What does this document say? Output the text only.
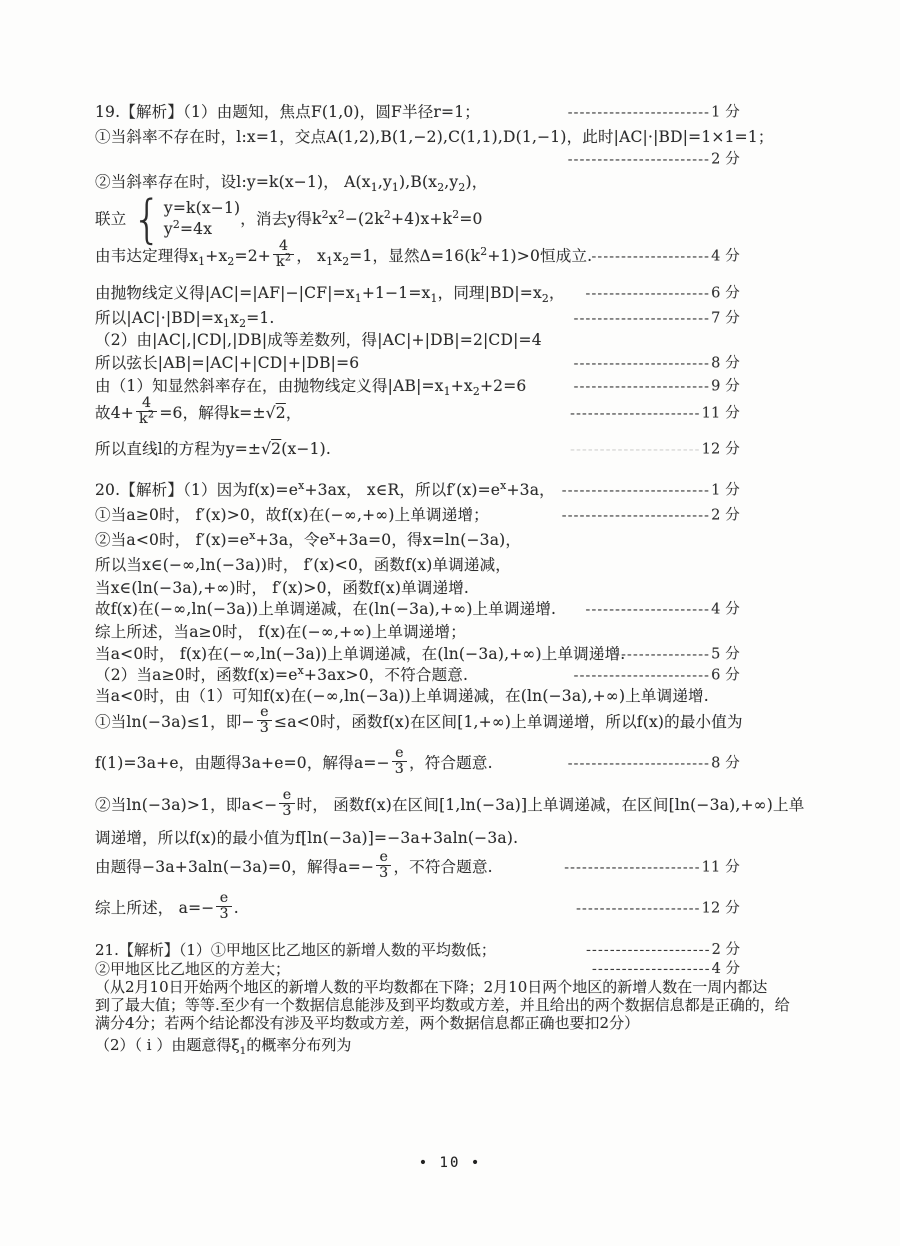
19.【解析】（1）由题知，焦点F(1,0)，圆F半径r=1；	------------------------1 分
①当斜率不存在时，l:x=1，交点A(1,2),B(1,−2),C(1,1),D(1,−1)，此时|AC|·|BD|=1×1=1；
------------------------2 分
②当斜率存在时，设l:y=k(x−1)， $A(x_1,y_1),B(x_2,y_2)$，
联立 { y=k(x−1)
$y^2=4x$
，消去y得$k^2x^2-(2k^2+4)x+k^2=0$
由韦达定理得$x_1+x_2=2+ \frac{4}{k^2}$ ， $x_1x_2=1$，显然$\Delta=16(k^2+1)>0$恒成立. --------------------4 分
由抛物线定义得$|AC|=|AF|-|CF|=x_1+1-1=x_1$，同理$|BD|=x_2$， ---------------------6 分
所以$|AC|\cdot|BD|=x_1x_2=1$.	-----------------------7 分
（2）由|AC|,|CD|,|DB|成等差数列，得|AC|+|DB|=2|CD|=4
所以弦长|AB|=|AC|+|CD|+|DB|=6	-----------------------8 分
由（1）知显然斜率存在，由抛物线定义得$|AB|=x_1+x_2+2=6$	-----------------------9 分
故$4+ \frac{4}{k^2} =6$，解得k=±√2，	----------------------11 分
所以直线l的方程为y=±√2(x−1).	----------------------12 分
20.【解析】（1）因为$f(x)=e^x+3ax$， x∈R，所以$f'(x)=e^x+3a$， -------------------------1 分
①当a≥0时， f′(x)>0，故f(x)在(−∞,+∞)上单调递增；	-------------------------2 分
②当a<0时， $f'(x)=e^x+3a$，令$e^x+3a=0$，得x=ln(−3a)，
所以当x∈(−∞,ln(−3a))时， f′(x)<0，函数f(x)单调递减，
当x∈(ln(−3a),+∞)时， f′(x)>0，函数f(x)单调递增.
故f(x)在(−∞,ln(−3a))上单调递减，在(ln(−3a),+∞)上单调递增. ---------------------4 分
综上所述，当a≥0时， f(x)在(−∞,+∞)上单调递增；
当a<0时， f(x)在(−∞,ln(−3a))上单调递减，在(ln(−3a),+∞)上单调递增.
----------------5 分
（2）当a≥0时，函数$f(x)=e^x+3ax>0$，不符合题意.	-----------------------6 分
当a<0时，由（1）可知f(x)在(−∞,ln(−3a))上单调递减，在(ln(−3a),+∞)上单调递增.
①当ln(−3a)≤1，即− $\frac{e}{3} \le a<0$时，函数f(x)在区间[1,+∞)上单调递增，所以f(x)的最小值为
f(1)=3a+e，由题得3a+e=0，解得$a=- \frac{e}{3}$ ，符合题意.	------------------------8 分
②当ln(−3a)>1，即$a<- \frac{e}{3}$ 时， 函数f(x)在区间[1,ln(−3a)]上单调递减，在区间[ln(−3a),+∞)上单
调递增，所以f(x)的最小值为f[ln(−3a)]=−3a+3aln(−3a).
由题得−3a+3aln(−3a)=0，解得$a=- \frac{e}{3}$ ，不符合题意.	-----------------------11 分
综上所述， $a=- \frac{e}{3}$ .	---------------------12 分
21.【解析】（1）①甲地区比乙地区的新增人数的平均数低；	---------------------2 分
②甲地区比乙地区的方差大；	--------------------4 分
（从2月10日开始两个地区的新增人数的平均数都在下降；2月10日两个地区的新增人数在一周内都达
到了最大值；等等.至少有一个数据信息能涉及到平均数或方差，并且给出的两个数据信息都是正确的，给
满分4分；若两个结论都没有涉及平均数或方差，两个数据信息都正确也要扣2分）
（2）（ i ）由题意得$\xi_1$的概率分布列为
• 10 •
